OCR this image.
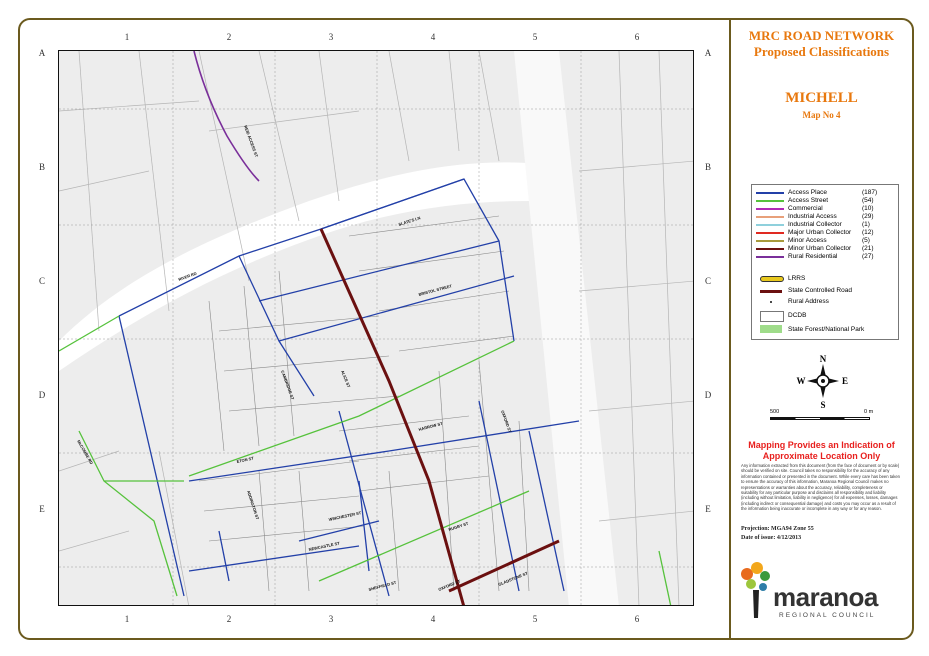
1	2	3	4	5	6
1	2	3	4	5	6
A
B
C
D
E
A
B
C
D
E
REID ACCESS ST
SLATE'S LN
RIVER RD
BRISTOL STREET
ALICE ST
CAMBRIDGE ST
ETON ST
HARROW ST	OXFORD ST
WINCHESTER ST
NEWCASTLE ST
SHEFFIELD ST
RUGBY ST
OXFORD ST	GLADSTONE ST
ADDINGTON ST
McCOMBE RD
MRC ROAD NETWORK
Proposed Classifications
MICHELL
Map No 4
Access Place	(187)
Access Street	(54)
Commercial	(10)
Industrial Access	(29)
Industrial Collector	(1)
Major Urban Collector (12)
Minor Access	(5)
Minor Urban Collector (21)
Rural Residential	(27)
LRRS
State Controlled Road
Rural Address
DCDB
State Forest/National Park
N
S
W	E
500	0 m
Mapping Provides an Indication of
Approximate Location Only
Any information extracted from this document (from the face of document or by scale) should be verified on site. Council takes no responsibility for the accuracy of any information contained or presented in the document. While every care has been taken to ensure the accuracy of this information, Maranoa Regional Council makes no representations or warranties about the accuracy, reliability, completeness or suitability for any particular purpose and disclaims all responsibility and liability (including without limitation, liability in negligence) for all expenses, losses, damages (including indirect or consequential damage) and costs you may occur as a result of the information being inaccurate or incomplete in any way or for any reason.
Projection: MGA94 Zone 55
Date of issue: 4/12/2013
maranoa
REGIONAL COUNCIL
